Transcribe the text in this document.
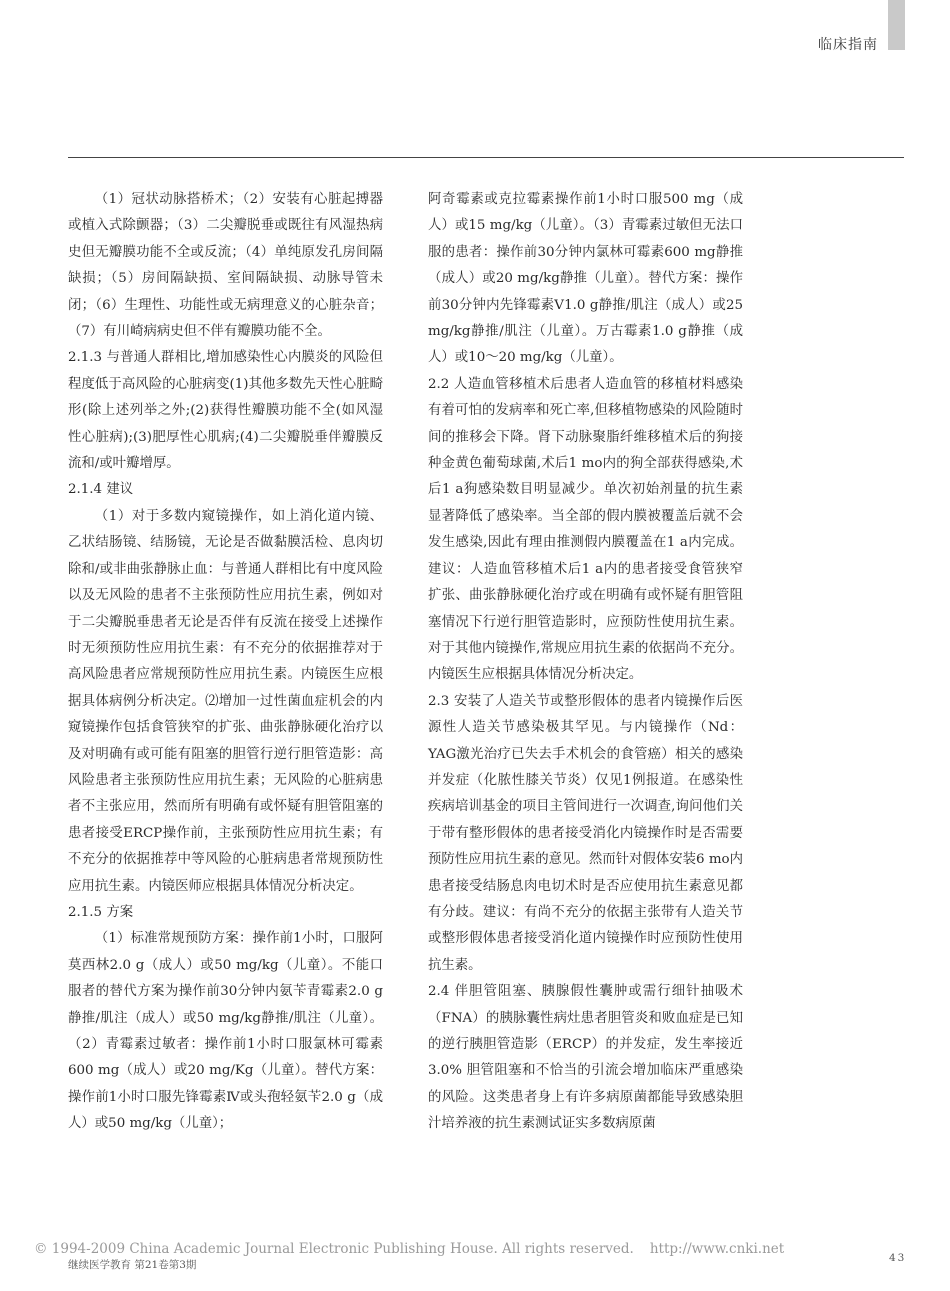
临床指南
（1）冠状动脉搭桥术；（2）安装有心脏起搏器或植入式除颤器；（3）二尖瓣脱垂或既往有风湿热病史但无瓣膜功能不全或反流；（4）单纯原发孔房间隔缺损；（5）房间隔缺损、室间隔缺损、动脉导管未闭；（6）生理性、功能性或无病理意义的心脏杂音；（7）有川崎病病史但不伴有瓣膜功能不全。
2.1.3 与普通人群相比,增加感染性心内膜炎的风险但程度低于高风险的心脏病变(1)其他多数先天性心脏畸形(除上述列举之外;(2)获得性瓣膜功能不全(如风湿性心脏病);(3)肥厚性心肌病;(4)二尖瓣脱垂伴瓣膜反流和/或叶瓣增厚。
2.1.4 建议
（1）对于多数内窥镜操作，如上消化道内镜、乙状结肠镜、结肠镜，无论是否做黏膜活检、息肉切除和/或非曲张静脉止血：与普通人群相比有中度风险以及无风险的患者不主张预防性应用抗生素，例如对于二尖瓣脱垂患者无论是否伴有反流在接受上述操作时无须预防性应用抗生素：有不充分的依据推荐对于高风险患者应常规预防性应用抗生素。内镜医生应根据具体病例分析决定。⑵增加一过性菌血症机会的内窥镜操作包括食管狭窄的扩张、曲张静脉硬化治疗以及对明确有或可能有阻塞的胆管行逆行胆管造影：高风险患者主张预防性应用抗生素；无风险的心脏病患者不主张应用，然而所有明确有或怀疑有胆管阻塞的患者接受ERCP操作前，主张预防性应用抗生素；有不充分的依据推荐中等风险的心脏病患者常规预防性应用抗生素。内镜医师应根据具体情况分析决定。
2.1.5 方案
（1）标准常规预防方案：操作前1小时，口服阿莫西林2.0 g（成人）或50 mg/kg（儿童）。不能口服者的替代方案为操作前30分钟内氨苄青霉素2.0 g静推/肌注（成人）或50 mg/kg静推/肌注（儿童）。（2）青霉素过敏者：操作前1小时口服氯林可霉素600 mg（成人）或20 mg/Kg（儿童）。替代方案：操作前1小时口服先锋霉素Ⅳ或头孢轻氨苄2.0 g（成人）或50 mg/kg（儿童）；
阿奇霉素或克拉霉素操作前1小时口服500 mg（成人）或15 mg/kg（儿童）。（3）青霉素过敏但无法口服的患者：操作前30分钟内氯林可霉素600 mg静推（成人）或20 mg/kg静推（儿童）。替代方案：操作前30分钟内先锋霉素Ⅴ1.0 g静推/肌注（成人）或25 mg/kg静推/肌注（儿童）。万古霉素1.0 g静推（成人）或10～20 mg/kg（儿童）。
2.2 人造血管移植术后患者人造血管的移植材料感染有着可怕的发病率和死亡率,但移植物感染的风险随时间的推移会下降。肾下动脉聚脂纤维移植术后的狗接种金黄色葡萄球菌,术后1 mo内的狗全部获得感染,术后1 a狗感染数目明显减少。单次初始剂量的抗生素显著降低了感染率。当全部的假内膜被覆盖后就不会发生感染,因此有理由推测假内膜覆盖在1 a内完成。建议：人造血管移植术后1 a内的患者接受食管狭窄扩张、曲张静脉硬化治疗或在明确有或怀疑有胆管阻塞情况下行逆行胆管造影时，应预防性使用抗生素。对于其他内镜操作,常规应用抗生素的依据尚不充分。内镜医生应根据具体情况分析决定。
2.3 安装了人造关节或整形假体的患者内镜操作后医源性人造关节感染极其罕见。与内镜操作（Nd：YAG激光治疗已失去手术机会的食管癌）相关的感染并发症（化脓性膝关节炎）仅见1例报道。在感染性疾病培训基金的项目主管间进行一次调查,询问他们关于带有整形假体的患者接受消化内镜操作时是否需要预防性应用抗生素的意见。然而针对假体安装6 mo内患者接受结肠息肉电切术时是否应使用抗生素意见都有分歧。建议：有尚不充分的依据主张带有人造关节或整形假体患者接受消化道内镜操作时应预防性使用抗生素。
2.4 伴胆管阻塞、胰腺假性囊肿或需行细针抽吸术（FNA）的胰脉囊性病灶患者胆管炎和败血症是已知的逆行胰胆管造影（ERCP）的并发症，发生率接近3.0% 胆管阻塞和不恰当的引流会增加临床严重感染的风险。这类患者身上有许多病原菌都能导致感染胆汁培养液的抗生素测试证实多数病原菌
© 1994-2009 China Academic Journal Electronic Publishing House. All rights reserved. http://www.cnki.net
继续医学教育 第21卷第3期
43
